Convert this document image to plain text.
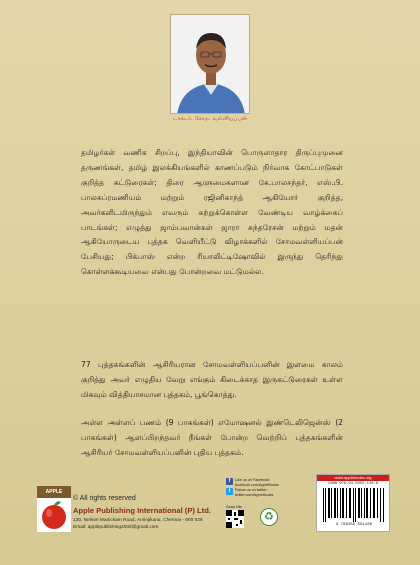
டாக்டர். சோம. வள்ளியப்பன்

தமிழர்கள் வணிக சிறப்பு, இந்தியாவின் பொருளாதார திருப்புமுனை தருணங்கள், தமிழ் இலக்கியங்களில் காணப்படும் நிர்வாக கோட்பாடுகள் குறித்த கட்டுரைகள்; திரை ஆளுமைகளான கே.பாலசந்தர், எஸ்.பி. பாலசுப்ரமணியம் மற்றும் ரஜினிகாந்த் ஆகியோர் குறித்த, அவர்களிடமிருந்தும் எவரும் கற்றுக்கொள்ள வேண்டிய வாழ்க்கைப் பாடங்கள்; எழுத்து ஜாம்பவான்கள் ஜாரா சுந்தரேசன் மற்றும் மதன் ஆகியோருடைய புத்தக வெளியீட்டு விழாக்களில் சோமவள்ளியப்பன் பேசியது; பிக்பாஸ் என்ற ரியாலிட்டிஷோவில் இருந்து தெரிந்து கொள்ளக்கூடியவை என்பது போன்றவை மட்டுமல்ல.

77 புத்தகங்களின் ஆசிரியரான சோமவள்ளியப்பனின் இளமை காலம் குறித்து அவர் எழுதிய வேறு எங்கும் கிடைக்காத இருகட்டுரைகள் உள்ள மிகவும் வித்தியாசமான புத்தகம், பூங்கொத்து.

அள்ள அள்ளப் பணம் (9 பாகங்கள்) எமோஷனல் இண்டெலிஜென்ஸ் (2 பாகங்கள்) ஆளப்பிறந்தவர் நீங்கள் போன்ற வெற்றிப் புத்தகங்களின் ஆசிரியர் சோமவள்ளியப்பனின் புதிய புத்தகம்.

APPLE
© All rights reserved
Apple Publishing International (P) Ltd.
130, Nelson Manickam Road, Aminjikarai, Chennai - 600 029
Email: applepublishing2002@gmail.com
f	Like us on Facebook:
facebook.com/AppleBooks
t	Follow us on twitter:
twitter.com/AppleBooks
Scan Me
♻
www.applebooks.org
ISBN 978-93-5055-116-6
9 789350 551166
